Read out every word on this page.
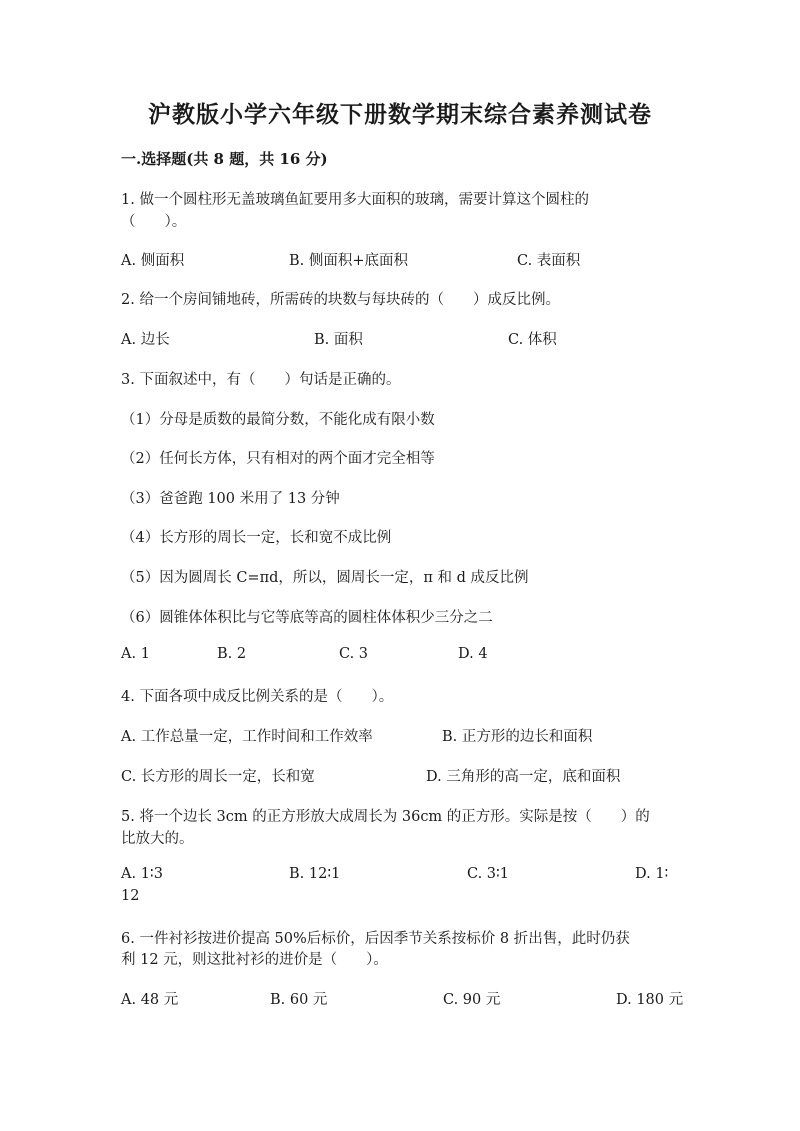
沪教版小学六年级下册数学期末综合素养测试卷
一.选择题(共 8 题，共 16 分)
1. 做一个圆柱形无盖玻璃鱼缸要用多大面积的玻璃，需要计算这个圆柱的
（　　）。
A. 侧面积	B. 侧面积+底面积	C. 表面积
2. 给一个房间铺地砖，所需砖的块数与每块砖的（　　）成反比例。
A. 边长	B. 面积	C. 体积
3. 下面叙述中，有（　　）句话是正确的。
（1）分母是质数的最简分数，不能化成有限小数
（2）任何长方体，只有相对的两个面才完全相等
（3）爸爸跑 100 米用了 13 分钟
（4）长方形的周长一定，长和宽不成比例
（5）因为圆周长 C=πd，所以，圆周长一定，π 和 d 成反比例
（6）圆锥体体积比与它等底等高的圆柱体体积少三分之二
A. 1	B. 2	C. 3	D. 4
4. 下面各项中成反比例关系的是（　　）。
A. 工作总量一定，工作时间和工作效率	B. 正方形的边长和面积
C. 长方形的周长一定，长和宽	D. 三角形的高一定，底和面积
5. 将一个边长 3cm 的正方形放大成周长为 36cm 的正方形。实际是按（　　）的
比放大的。
A. 1∶3	B. 12∶1	C. 3∶1	D. 1∶
12
6. 一件衬衫按进价提高 50%后标价，后因季节关系按标价 8 折出售，此时仍获
利 12 元，则这批衬衫的进价是（　　）。
A. 48 元	B. 60 元	C. 90 元	D. 180 元
